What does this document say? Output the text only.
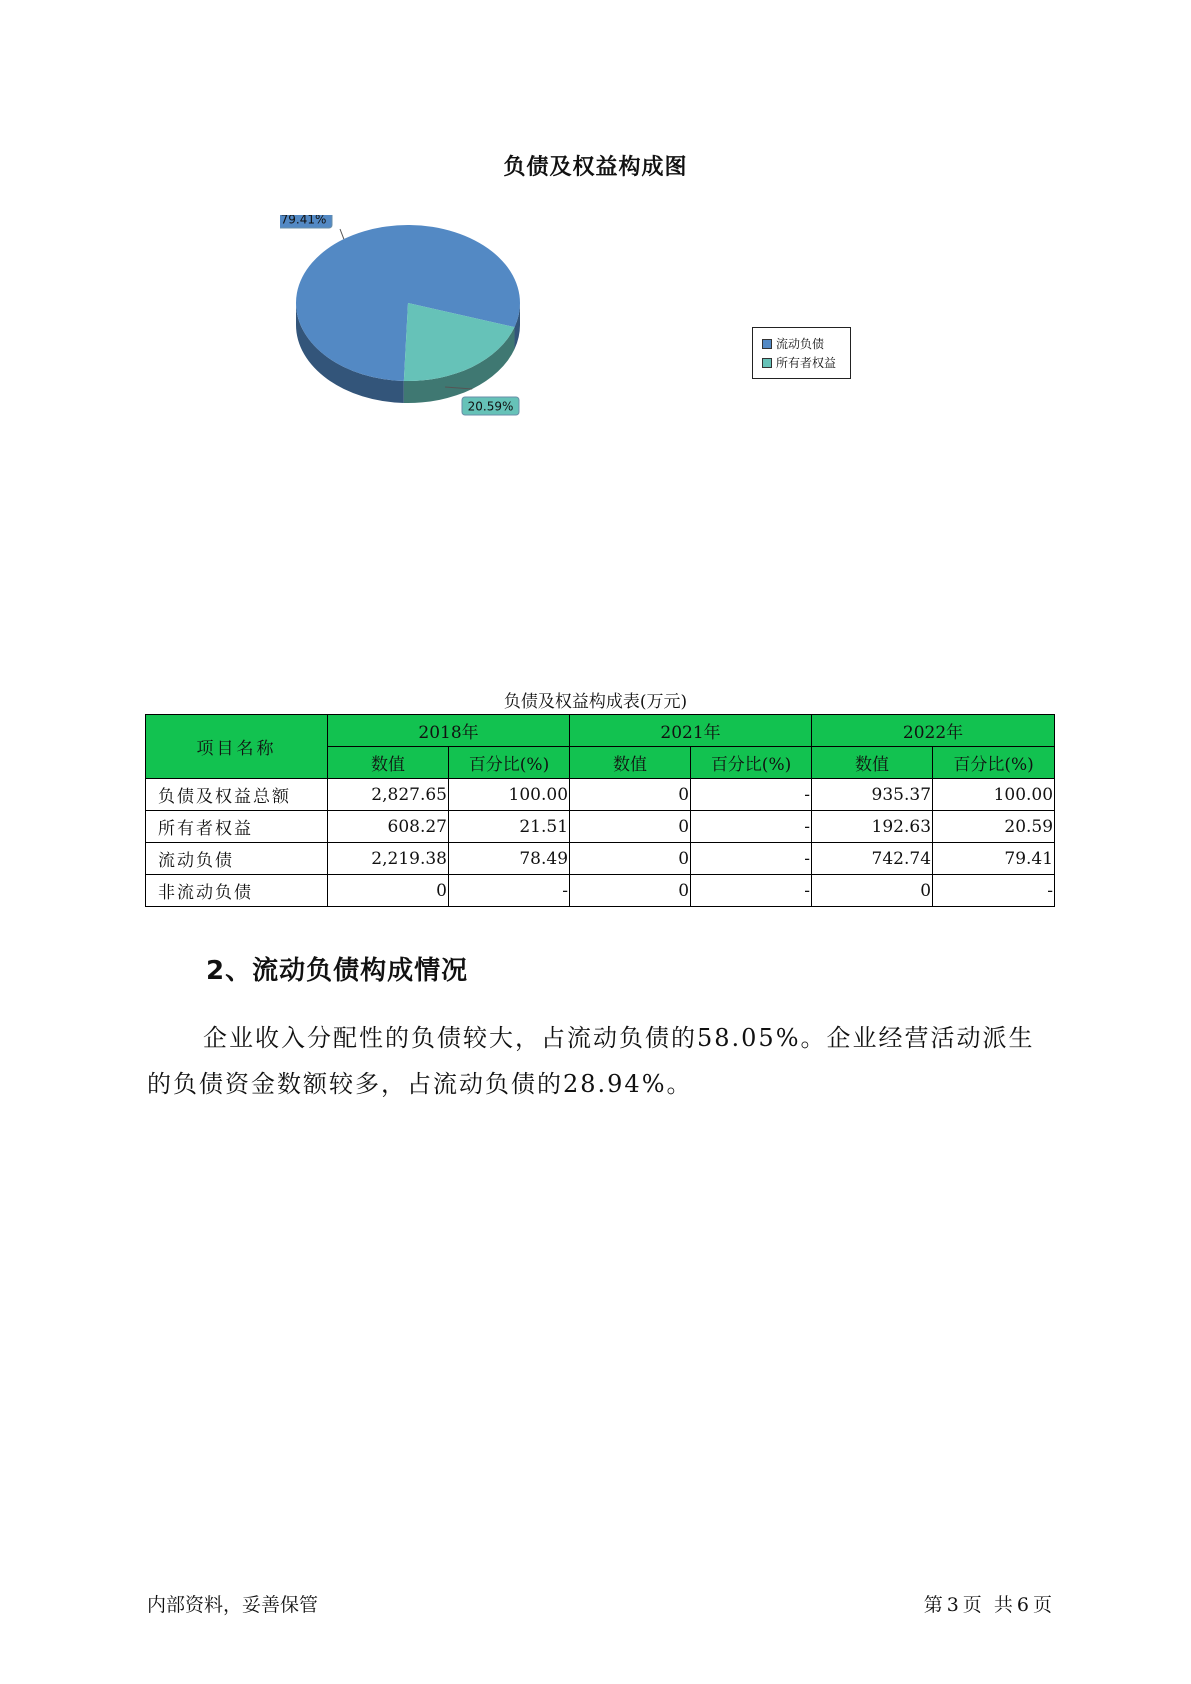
负债及权益构成图
79.41%
20.59%
流动负债
所有者权益
负债及权益构成表(万元)
项目名称	2018年		2021年		2022年	
	数值	百分比(%)	数值	百分比(%)	数值	百分比(%)
负债及权益总额	2,827.65	100.00	0	-	935.37	100.00
所有者权益	608.27	21.51	0	-	192.63	20.59
流动负债	2,219.38	78.49	0	-	742.74	79.41
非流动负债	0	-	0	-	0	-
2、流动负债构成情况
企业收入分配性的负债较大，占流动负债的58.05%。企业经营活动派生的负债资金数额较多，占流动负债的28.94%。
内部资料，妥善保管	第 3 页  共 6 页
